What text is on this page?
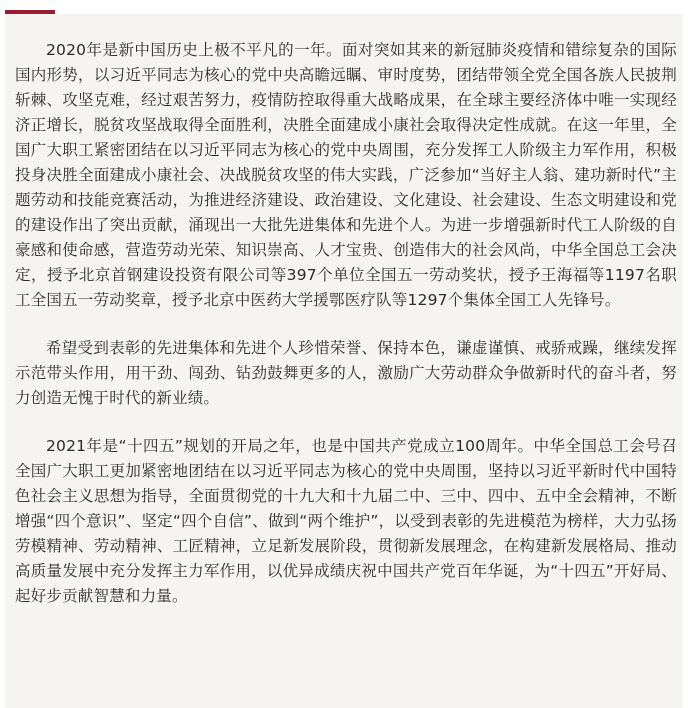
2020年是新中国历史上极不平凡的一年。面对突如其来的新冠肺炎疫情和错综复杂的国际国内形势，以习近平同志为核心的党中央高瞻远瞩、审时度势，团结带领全党全国各族人民披荆斩棘、攻坚克难，经过艰苦努力，疫情防控取得重大战略成果，在全球主要经济体中唯一实现经济正增长，脱贫攻坚战取得全面胜利，决胜全面建成小康社会取得决定性成就。在这一年里，全国广大职工紧密团结在以习近平同志为核心的党中央周围，充分发挥工人阶级主力军作用，积极投身决胜全面建成小康社会、决战脱贫攻坚的伟大实践，广泛参加“当好主人翁、建功新时代”主题劳动和技能竞赛活动，为推进经济建设、政治建设、文化建设、社会建设、生态文明建设和党的建设作出了突出贡献，涌现出一大批先进集体和先进个人。为进一步增强新时代工人阶级的自豪感和使命感，营造劳动光荣、知识崇高、人才宝贵、创造伟大的社会风尚，中华全国总工会决定，授予北京首钢建设投资有限公司等397个单位全国五一劳动奖状，授予王海福等1197名职工全国五一劳动奖章，授予北京中医药大学援鄂医疗队等1297个集体全国工人先锋号。

希望受到表彰的先进集体和先进个人珍惜荣誉、保持本色，谦虚谨慎、戒骄戒躁，继续发挥示范带头作用，用干劲、闯劲、钻劲鼓舞更多的人，激励广大劳动群众争做新时代的奋斗者，努力创造无愧于时代的新业绩。

2021年是“十四五”规划的开局之年，也是中国共产党成立100周年。中华全国总工会号召全国广大职工更加紧密地团结在以习近平同志为核心的党中央周围，坚持以习近平新时代中国特色社会主义思想为指导，全面贯彻党的十九大和十九届二中、三中、四中、五中全会精神，不断增强“四个意识”、坚定“四个自信”、做到“两个维护”，以受到表彰的先进模范为榜样，大力弘扬劳模精神、劳动精神、工匠精神，立足新发展阶段，贯彻新发展理念，在构建新发展格局、推动高质量发展中充分发挥主力军作用，以优异成绩庆祝中国共产党百年华诞，为“十四五”开好局、起好步贡献智慧和力量。
